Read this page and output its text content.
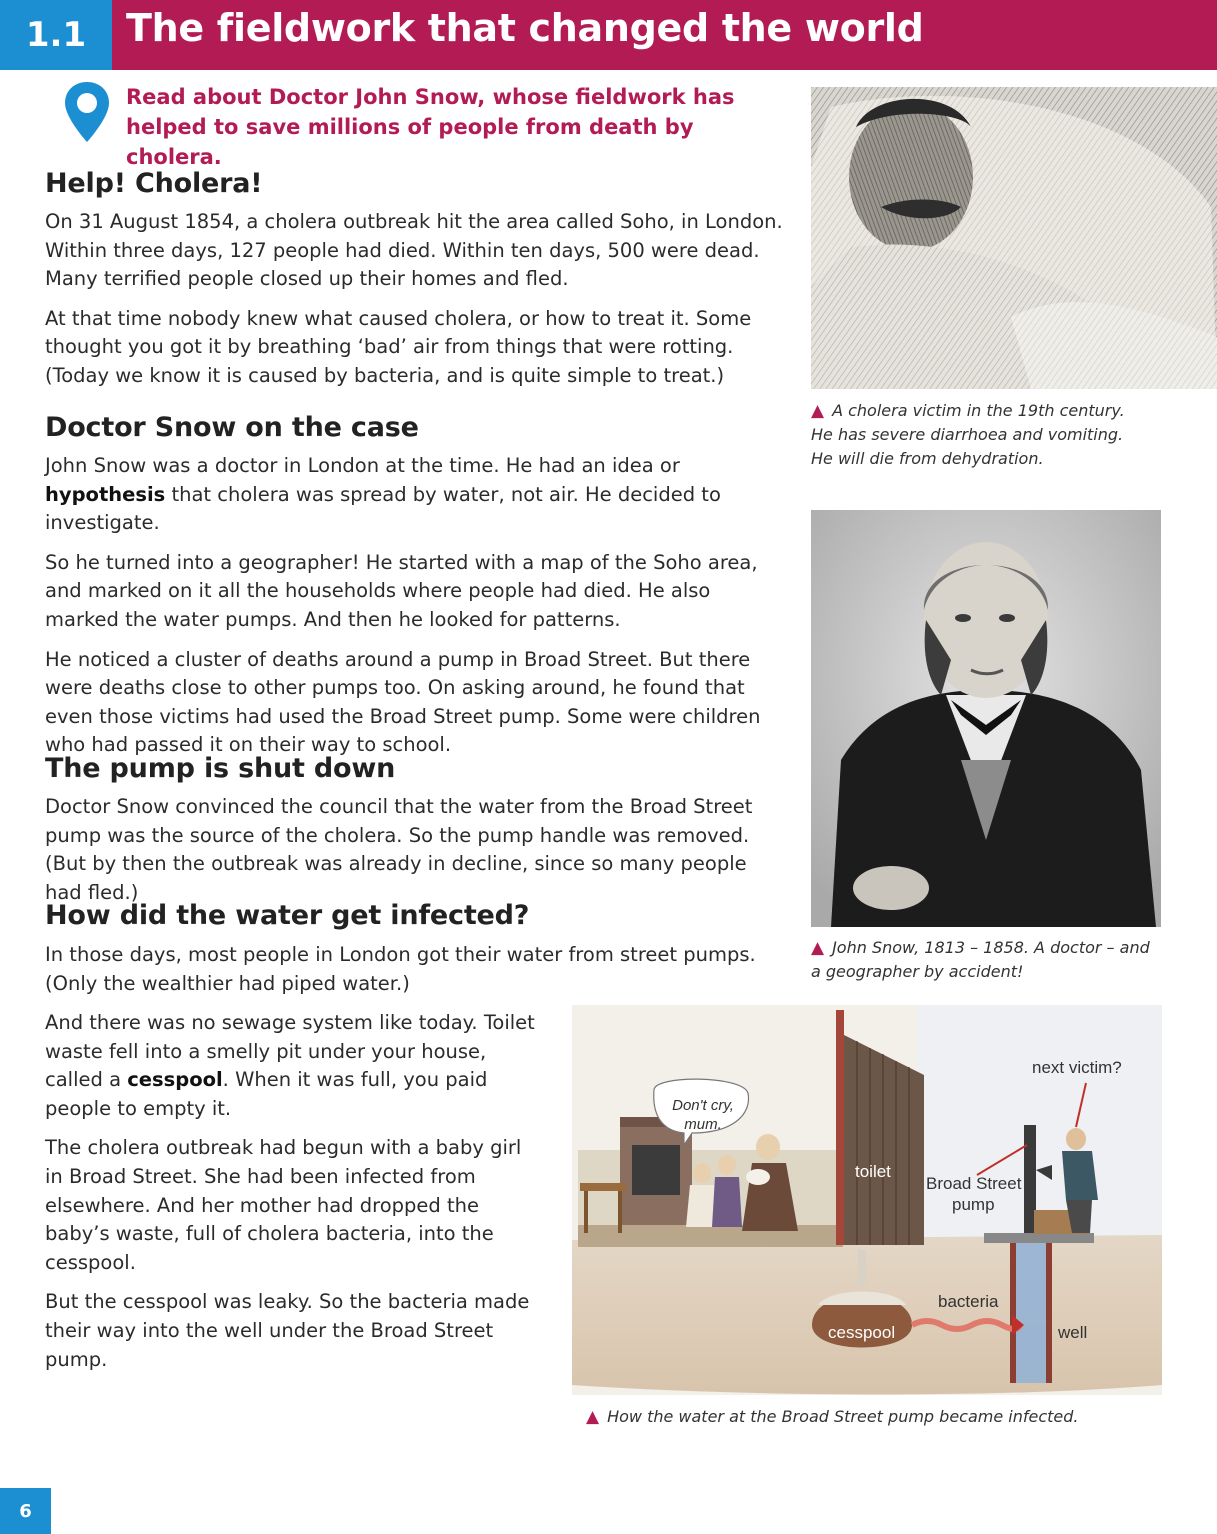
1.1	The fieldwork that changed the world
Read about Doctor John Snow, whose fieldwork has helped to save millions of people from death by cholera.
Help! Cholera!

On 31 August 1854, a cholera outbreak hit the area called Soho, in London. Within three days, 127 people had died. Within ten days, 500 were dead. Many terrified people closed up their homes and fled.

At that time nobody knew what caused cholera, or how to treat it. Some thought you got it by breathing ‘bad’ air from things that were rotting. (Today we know it is caused by bacteria, and is quite simple to treat.)

Doctor Snow on the case

John Snow was a doctor in London at the time. He had an idea or hypothesis that cholera was spread by water, not air. He decided to investigate.

So he turned into a geographer! He started with a map of the Soho area, and marked on it all the households where people had died. He also marked the water pumps. And then he looked for patterns.

He noticed a cluster of deaths around a pump in Broad Street. But there were deaths close to other pumps too. On asking around, he found that even those victims had used the Broad Street pump. Some were children who had passed it on their way to school.

The pump is shut down

Doctor Snow convinced the council that the water from the Broad Street pump was the source of the cholera. So the pump handle was removed. (But by then the outbreak was already in decline, since so many people had fled.)

How did the water get infected?

In those days, most people in London got their water from street pumps. (Only the wealthier had piped water.)

And there was no sewage system like today. Toilet waste fell into a smelly pit under your house, called a cesspool. When it was full, you paid people to empty it.

The cholera outbreak had begun with a baby girl in Broad Street. She had been infected from elsewhere. And her mother had dropped the baby’s waste, full of cholera bacteria, into the cesspool.

But the cesspool was leaky. So the bacteria made their way into the well under the Broad Street pump.

▲ A cholera victim in the 19th century.
He has severe diarrhoea and vomiting.
He will die from dehydration.
▲ John Snow, 1813 – 1858. A doctor – and
a geographer by accident!
Don't cry,
mum.
toilet
next victim?
Broad Street
pump
cesspool
bacteria
well
▲ How the water at the Broad Street pump became infected.
6
